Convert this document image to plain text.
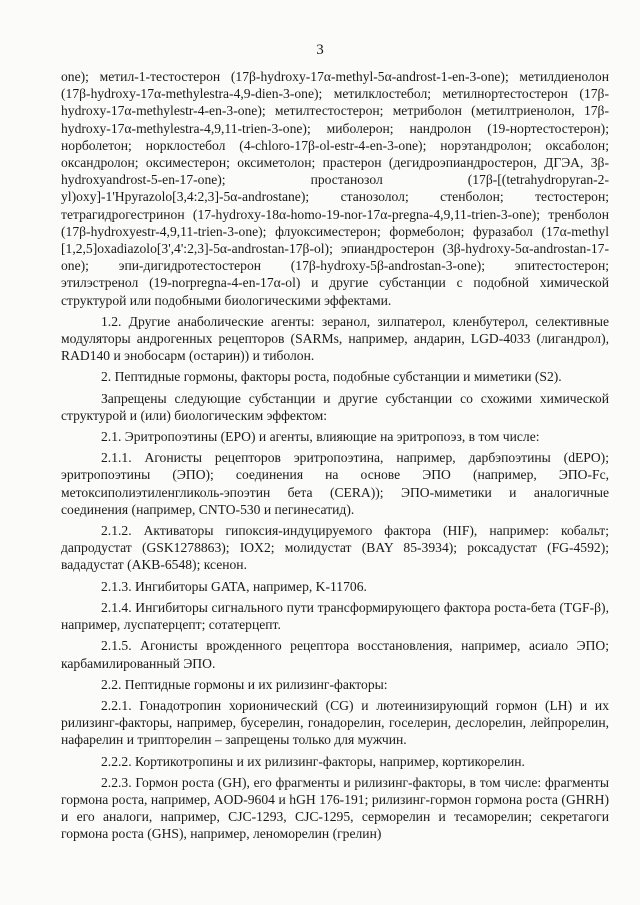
3

one); метил-1-тестостерон (17β-hydroxy-17α-methyl-5α-androst-1-en-3-one); метилдиенолон (17β-hydroxy-17α-methylestra-4,9-dien-3-one); метилклостебол; метилнортестостерон (17β-hydroxy-17α-methylestr-4-en-3-one); метилтестостерон; метриболон (метилтриенолон, 17β-hydroxy-17α-methylestra-4,9,11-trien-3-one); миболерон; нандролон (19-нортестостерон); норболетон; норклостебол (4-chloro-17β-ol-estr-4-en-3-one); норэтандролон; оксаболон; оксандролон; оксиместерон; оксиметолон; прастерон (дегидроэпиандростерон, ДГЭА, 3β-hydroxyandrost-5-en-17-one); простанозол (17β-[(tetrahydropyran-2-yl)oxy]-1'Hpyrazolo[3,4:2,3]-5α-androstane); станозолол; стенболон; тестостерон; тетрагидрогестринон (17-hydroxy-18α-homo-19-nor-17α-pregna-4,9,11-trien-3-one); тренболон (17β-hydroxyestr-4,9,11-trien-3-one); флуоксиместерон; формеболон; фуразабол (17α-methyl [1,2,5]oxadiazolo[3',4':2,3]-5α-androstan-17β-ol); эпиандростерон (3β-hydroxy-5α-androstan-17-one); эпи-дигидротестостерон (17β-hydroxy-5β-androstan-3-one); эпитестостерон; этилэстренол (19-norpregna-4-en-17α-ol) и другие субстанции с подобной химической структурой или подобными биологическими эффектами.

1.2. Другие анаболические агенты: зеранол, зилпатерол, кленбутерол, селективные модуляторы андрогенных рецепторов (SARMs, например, андарин, LGD-4033 (лигандрол), RAD140 и энобосарм (остарин)) и тиболон.

2. Пептидные гормоны, факторы роста, подобные субстанции и миметики (S2).

Запрещены следующие субстанции и другие субстанции со схожими химической структурой и (или) биологическим эффектом:

2.1. Эритропоэтины (ЕРО) и агенты, влияющие на эритропоэз, в том числе:

2.1.1. Агонисты рецепторов эритропоэтина, например, дарбэпоэтины (dEPO); эритропоэтины (ЭПО); соединения на основе ЭПО (например, ЭПО-Fc, метоксиполиэтиленгликоль-эпоэтин бета (CERA)); ЭПО-миметики и аналогичные соединения (например, CNTO-530 и пегинесатид).

2.1.2. Активаторы гипоксия-индуцируемого фактора (HIF), например: кобальт; дапродустат (GSK1278863); IOX2; молидустат (BAY 85-3934); роксадустат (FG-4592); вададустат (AKB-6548); ксенон.

2.1.3. Ингибиторы GATA, например, K-11706.

2.1.4. Ингибиторы сигнального пути трансформирующего фактора роста-бета (TGF-β), например, луспатерцепт; сотатерцепт.

2.1.5. Агонисты врожденного рецептора восстановления, например, асиало ЭПО; карбамилированный ЭПО.

2.2. Пептидные гормоны и их рилизинг-факторы:

2.2.1. Гонадотропин хорионический (CG) и лютеинизирующий гормон (LH) и их рилизинг-факторы, например, бусерелин, гонадорелин, госелерин, деслорелин, лейпрорелин, нафарелин и трипторелин – запрещены только для мужчин.

2.2.2. Кортикотропины и их рилизинг-факторы, например, кортикорелин.

2.2.3. Гормон роста (GH), его фрагменты и рилизинг-факторы, в том числе: фрагменты гормона роста, например, AOD-9604 и hGH 176-191; рилизинг-гормон гормона роста (GHRH) и его аналоги, например, CJC-1293, CJC-1295, серморелин и тесаморелин; секретагоги гормона роста (GHS), например, леноморелин (грелин)
